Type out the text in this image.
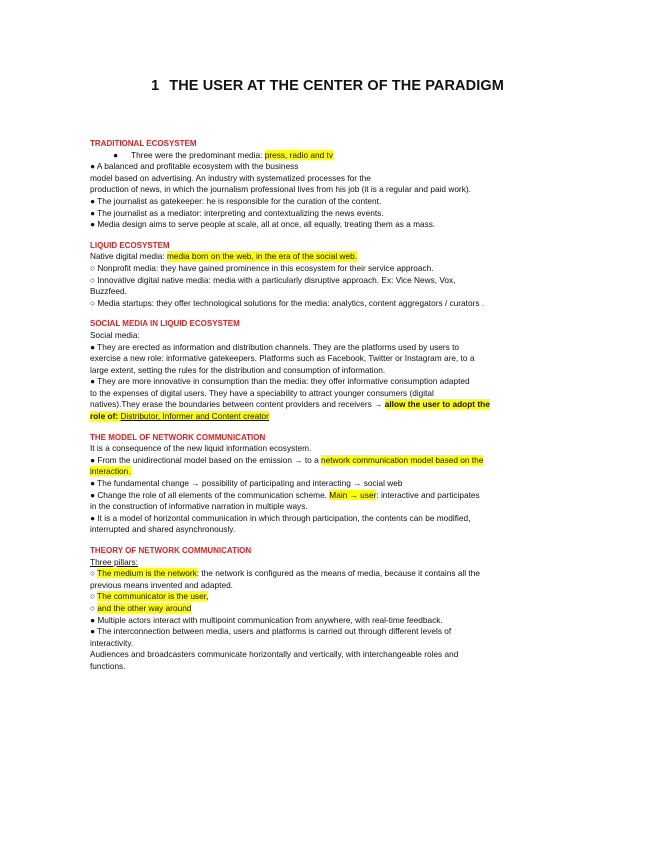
1 THE USER AT THE CENTER OF THE PARADIGM

TRADITIONAL ECOSYSTEM

● Three were the predominant media: press, radio and tv

● A balanced and profitable ecosystem with the business

model based on advertising. An industry with systematized processes for the

production of news, in which the journalism professional lives from his job (it is a regular and paid work).

● The journalist as gatekeeper: he is responsible for the curation of the content.

● The journalist as a mediator: interpreting and contextualizing the news events.

● Media design aims to serve people at scale, all at once, all equally, treating them as a mass.

LIQUID ECOSYSTEM

Native digital media: media born on the web, in the era of the social web.

○ Nonprofit media: they have gained prominence in this ecosystem for their service approach.

○ Innovative digital native media: media with a particularly disruptive approach. Ex: Vice News, Vox,

Buzzfeed.

○ Media startups: they offer technological solutions for the media: analytics, content aggregators / curators .

SOCIAL MEDIA IN LIQUID ECOSYSTEM

Social media:

● They are erected as information and distribution channels. They are the platforms used by users to

exercise a new role: informative gatekeepers. Platforms such as Facebook, Twitter or Instagram are, to a

large extent, setting the rules for the distribution and consumption of information.

● They are more innovative in consumption than the media: they offer informative consumption adapted

to the expenses of digital users. They have a speciability to attract younger consumers (digital

natives).They erase the boundaries between content providers and receivers → allow the user to adopt the

role of: Distributor, Informer and Content creator

THE MODEL OF NETWORK COMMUNICATION

It is a consequence of the new liquid information ecosystem.

● From the unidirectional model based on the emission → to a network communication model based on the

interaction.

● The fundamental change → possibility of participating and interacting → social web

● Change the role of all elements of the communication scheme. Main → user: interactive and participates

in the construction of informative narration in multiple ways.

● It is a model of horizontal communication in which through participation, the contents can be modified,

interrupted and shared asynchronously.

THEORY OF NETWORK COMMUNICATION

Three pillars:

○ The medium is the network: the network is configured as the means of media, because it contains all the

previous means invented and adapted.

○ The communicator is the user,

○ and the other way around

● Multiple actors interact with multipoint communication from anywhere, with real-time feedback.

● The interconnection between media, users and platforms is carried out through different levels of

interactivity.

Audiences and broadcasters communicate horizontally and vertically, with interchangeable roles and

functions.
